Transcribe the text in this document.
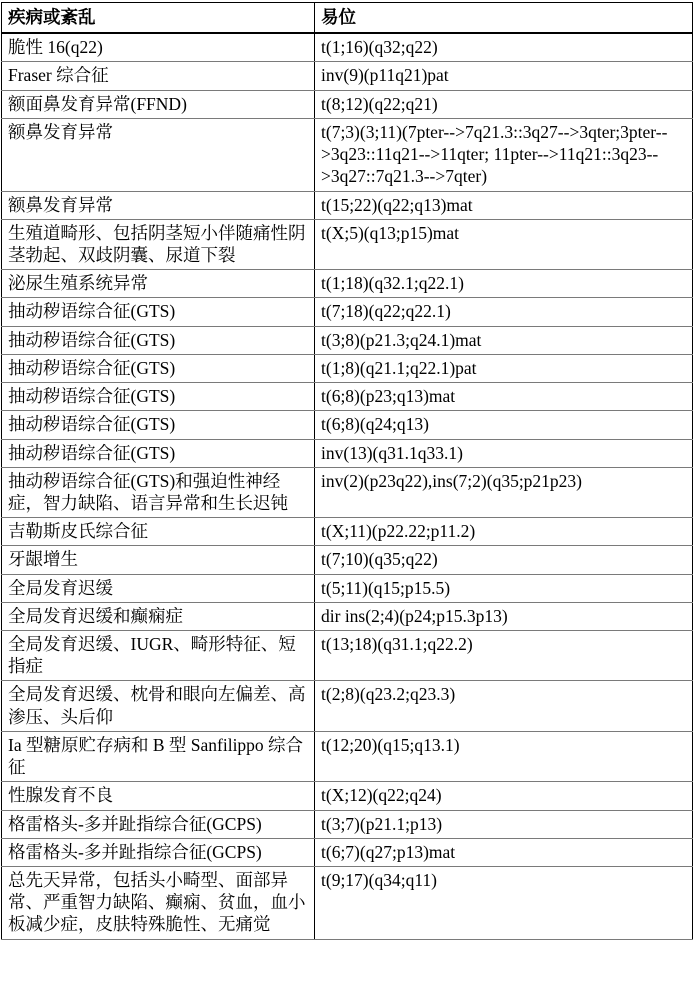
疾病或紊乱	易位
脆性 16(q22)	t(1;16)(q32;q22)
Fraser 综合征	inv(9)(p11q21)pat
额面鼻发育异常(FFND)	t(8;12)(q22;q21)
额鼻发育异常	t(7;3)(3;11)(7pter-->7q21.3::3q27-->3qter;3pter-->3q23::11q21-->11qter; 11pter-->11q21::3q23-->3q27::7q21.3-->7qter)
额鼻发育异常	t(15;22)(q22;q13)mat
生殖道畸形、包括阴茎短小伴随痛性阴茎勃起、双歧阴囊、尿道下裂	t(X;5)(q13;p15)mat
泌尿生殖系统异常	t(1;18)(q32.1;q22.1)
抽动秽语综合征(GTS)	t(7;18)(q22;q22.1)
抽动秽语综合征(GTS)	t(3;8)(p21.3;q24.1)mat
抽动秽语综合征(GTS)	t(1;8)(q21.1;q22.1)pat
抽动秽语综合征(GTS)	t(6;8)(p23;q13)mat
抽动秽语综合征(GTS)	t(6;8)(q24;q13)
抽动秽语综合征(GTS)	inv(13)(q31.1q33.1)
抽动秽语综合征(GTS)和强迫性神经症，智力缺陷、语言异常和生长迟钝	inv(2)(p23q22),ins(7;2)(q35;p21p23)
吉勒斯皮氏综合征	t(X;11)(p22.22;p11.2)
牙龈增生	t(7;10)(q35;q22)
全局发育迟缓	t(5;11)(q15;p15.5)
全局发育迟缓和癫痫症	dir ins(2;4)(p24;p15.3p13)
全局发育迟缓、IUGR、畸形特征、短指症	t(13;18)(q31.1;q22.2)
全局发育迟缓、枕骨和眼向左偏差、高渗压、头后仰	t(2;8)(q23.2;q23.3)
Ia 型糖原贮存病和 B 型 Sanfilippo 综合征	t(12;20)(q15;q13.1)
性腺发育不良	t(X;12)(q22;q24)
格雷格头-多并趾指综合征(GCPS)	t(3;7)(p21.1;p13)
格雷格头-多并趾指综合征(GCPS)	t(6;7)(q27;p13)mat
总先天异常，包括头小畸型、面部异常、严重智力缺陷、癫痫、贫血，血小板减少症，皮肤特殊脆性、无痛觉	t(9;17)(q34;q11)
